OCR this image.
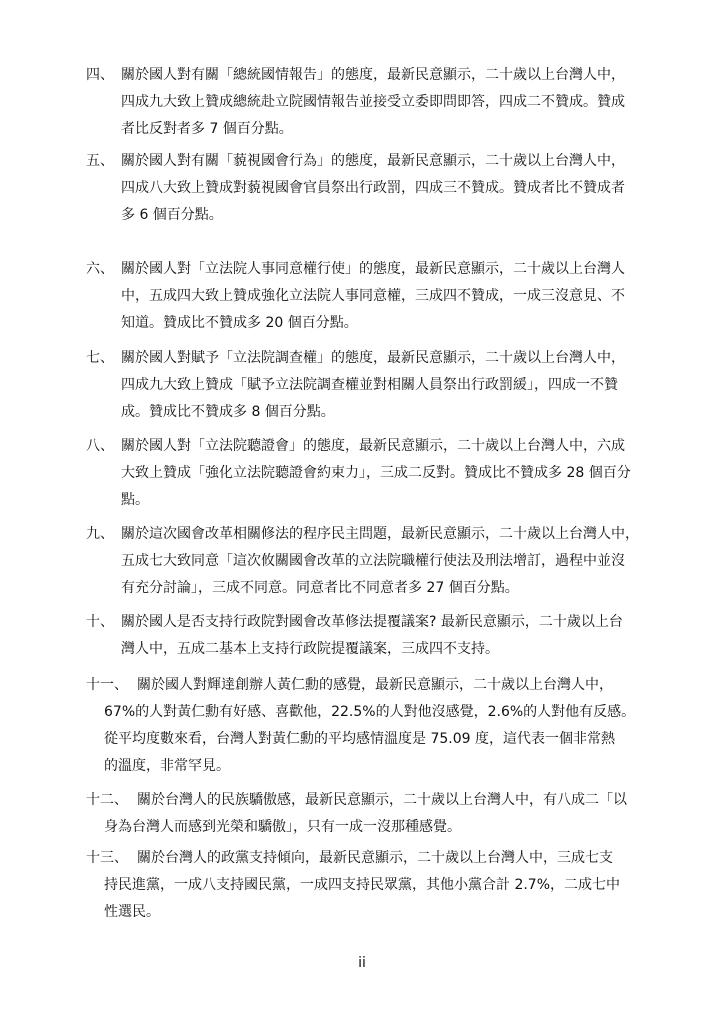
四、 關於國人對有關「總統國情報告」的態度，最新民意顯示，二十歲以上台灣人中，
四成九大致上贊成總統赴立院國情報告並接受立委即問即答，四成二不贊成。贊成
者比反對者多 7 個百分點。
五、 關於國人對有關「藐視國會行為」的態度，最新民意顯示，二十歲以上台灣人中，
四成八大致上贊成對藐視國會官員祭出行政罰，四成三不贊成。贊成者比不贊成者
多 6 個百分點。
六、 關於國人對「立法院人事同意權行使」的態度，最新民意顯示，二十歲以上台灣人
中，五成四大致上贊成強化立法院人事同意權，三成四不贊成，一成三沒意見、不
知道。贊成比不贊成多 20 個百分點。
七、 關於國人對賦予「立法院調查權」的態度，最新民意顯示，二十歲以上台灣人中，
四成九大致上贊成「賦予立法院調查權並對相關人員祭出行政罰緩」，四成一不贊
成。贊成比不贊成多 8 個百分點。
八、 關於國人對「立法院聽證會」的態度，最新民意顯示，二十歲以上台灣人中，六成
大致上贊成「強化立法院聽證會約束力」，三成二反對。贊成比不贊成多 28 個百分
點。
九、 關於這次國會改革相關修法的程序民主問題，最新民意顯示，二十歲以上台灣人中，
五成七大致同意「這次攸關國會改革的立法院職權行使法及刑法增訂，過程中並沒
有充分討論」，三成不同意。同意者比不同意者多 27 個百分點。
十、 關於國人是否支持行政院對國會改革修法提覆議案? 最新民意顯示，二十歲以上台
灣人中，五成二基本上支持行政院提覆議案，三成四不支持。
十一、 關於國人對輝達創辦人黃仁勳的感覺，最新民意顯示，二十歲以上台灣人中，
67%的人對黃仁勳有好感、喜歡他，22.5%的人對他沒感覺，2.6%的人對他有反感。
從平均度數來看，台灣人對黃仁勳的平均感情溫度是 75.09 度，這代表一個非常熱
的溫度，非常罕見。
十二、 關於台灣人的民族驕傲感，最新民意顯示，二十歲以上台灣人中，有八成二「以
身為台灣人而感到光榮和驕傲」，只有一成一沒那種感覺。
十三、 關於台灣人的政黨支持傾向，最新民意顯示，二十歲以上台灣人中，三成七支
持民進黨，一成八支持國民黨，一成四支持民眾黨，其他小黨合計 2.7%，二成七中
性選民。
ii
